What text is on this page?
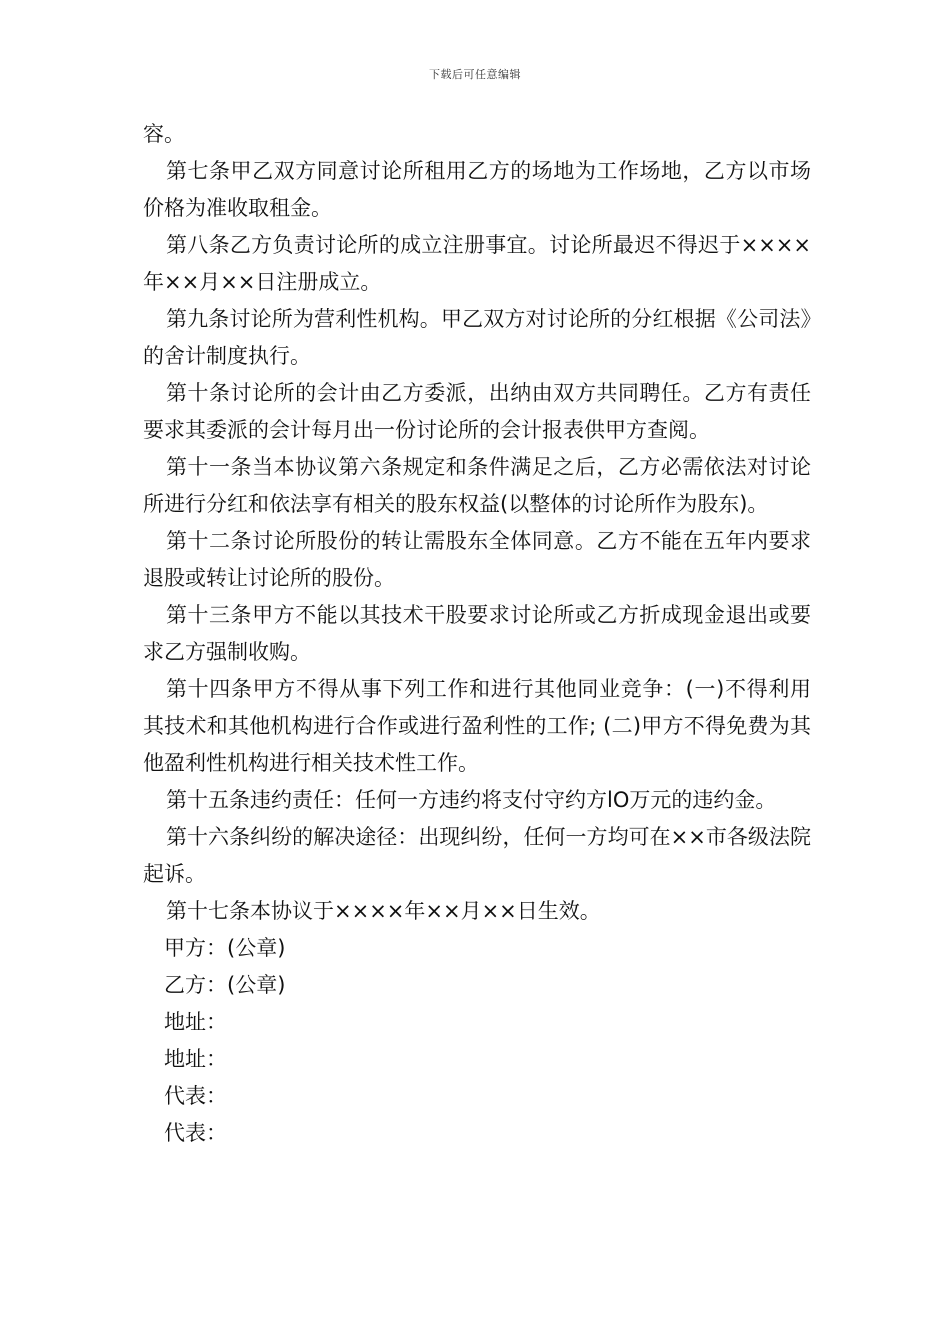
下载后可任意编辑

容。

第七条甲乙双方同意讨论所租用乙方的场地为工作场地，乙方以市场价格为准收取租金。

第八条乙方负责讨论所的成立注册事宜。讨论所最迟不得迟于××××年××月××日注册成立。

第九条讨论所为营利性机构。甲乙双方对讨论所的分红根据《公司法》的舍计制度执行。

第十条讨论所的会计由乙方委派，出纳由双方共同聘任。乙方有责任要求其委派的会计每月出一份讨论所的会计报表供甲方查阅。

第十一条当本协议第六条规定和条件满足之后，乙方必需依法对讨论所进行分红和依法享有相关的股东权益(以整体的讨论所作为股东)。

第十二条讨论所股份的转让需股东全体同意。乙方不能在五年内要求退股或转让讨论所的股份。

第十三条甲方不能以其技术干股要求讨论所或乙方折成现金退出或要求乙方强制收购。

第十四条甲方不得从事下列工作和进行其他同业竞争：(一)不得利用其技术和其他机构进行合作或进行盈利性的工作; (二)甲方不得免费为其他盈利性机构进行相关技术性工作。

第十五条违约责任：任何一方违约将支付守约方lO万元的违约金。

第十六条纠纷的解决途径：出现纠纷，任何一方均可在××市各级法院起诉。

第十七条本协议于××××年××月××日生效。

甲方：(公章)

乙方：(公章)

地址：

地址：

代表：

代表：
